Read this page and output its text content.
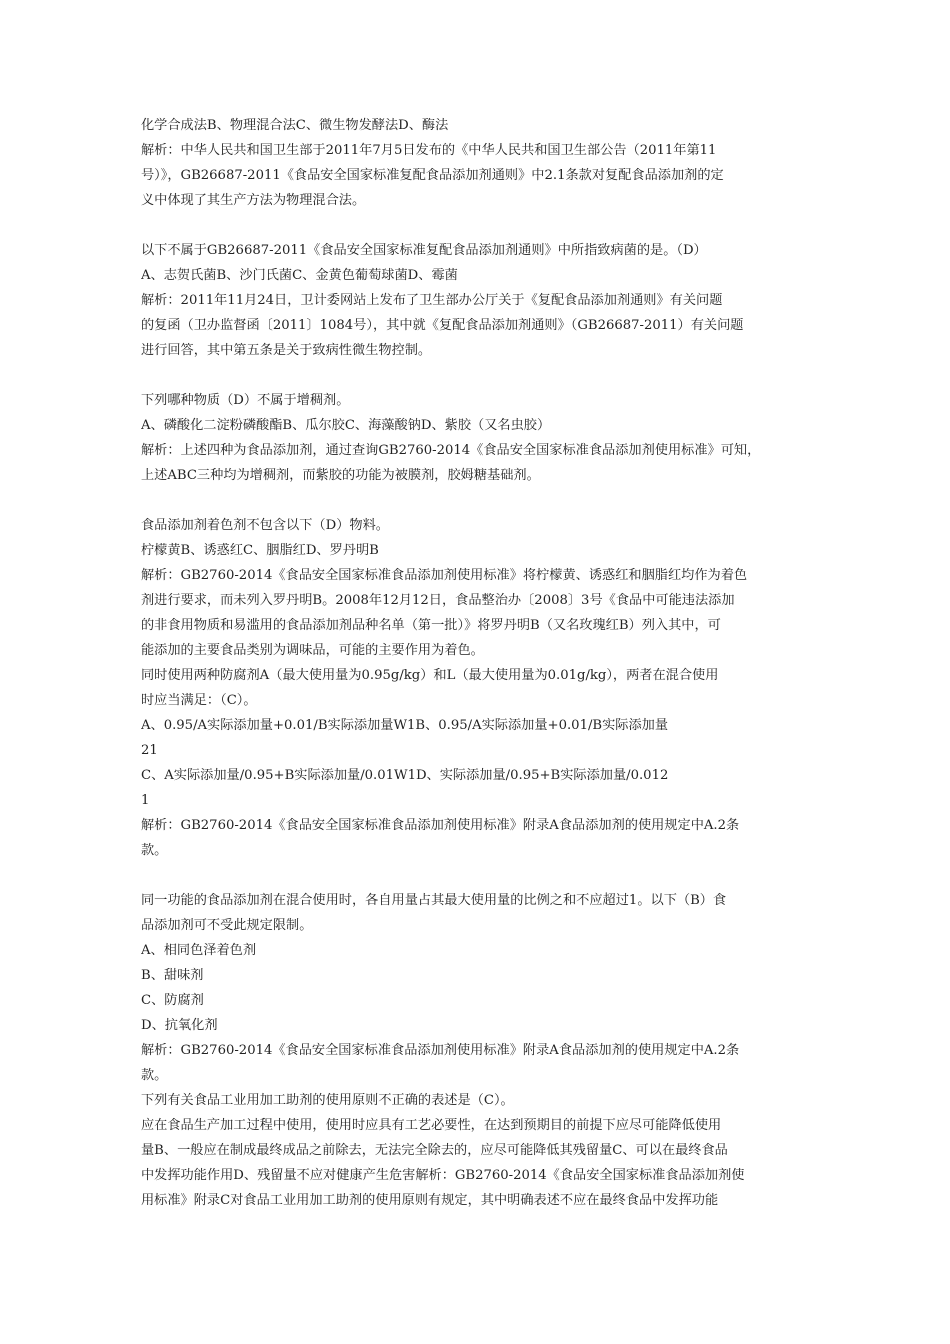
化学合成法B、物理混合法C、微生物发酵法D、酶法
解析：中华人民共和国卫生部于2011年7月5日发布的《中华人民共和国卫生部公告（2011年第11
号）》，GB26687-2011《食品安全国家标准复配食品添加剂通则》中2.1条款对复配食品添加剂的定
义中体现了其生产方法为物理混合法。
以下不属于GB26687-2011《食品安全国家标准复配食品添加剂通则》中所指致病菌的是。（D）
A、志贺氏菌B、沙门氏菌C、金黄色葡萄球菌D、霉菌
解析：2011年11月24日，卫计委网站上发布了卫生部办公厅关于《复配食品添加剂通则》有关问题
的复函（卫办监督函〔2011〕1084号），其中就《复配食品添加剂通则》（GB26687-2011）有关问题
进行回答，其中第五条是关于致病性微生物控制。
下列哪种物质（D）不属于增稠剂。
A、磷酸化二淀粉磷酸酯B、瓜尔胶C、海藻酸钠D、紫胶（又名虫胶）
解析：上述四种为食品添加剂，通过查询GB2760-2014《食品安全国家标准食品添加剂使用标准》可知，
上述ABC三种均为增稠剂，而紫胶的功能为被膜剂，胶姆糖基础剂。
食品添加剂着色剂不包含以下（D）物料。
柠檬黄B、诱惑红C、胭脂红D、罗丹明B
解析：GB2760-2014《食品安全国家标准食品添加剂使用标准》将柠檬黄、诱惑红和胭脂红均作为着色
剂进行要求，而未列入罗丹明B。2008年12月12日，食品整治办〔2008〕3号《食品中可能违法添加
的非食用物质和易滥用的食品添加剂品种名单（第一批）》将罗丹明B（又名玫瑰红B）列入其中，可
能添加的主要食品类别为调味品，可能的主要作用为着色。
同时使用两种防腐剂A（最大使用量为0.95g/kg）和L（最大使用量为0.01g/kg），两者在混合使用
时应当满足：（C）。
A、0.95/A实际添加量+0.01/B实际添加量W1B、0.95/A实际添加量+0.01/B实际添加量
21
C、A实际添加量/0.95+B实际添加量/0.01W1D、实际添加量/0.95+B实际添加量/0.012
1
解析：GB2760-2014《食品安全国家标准食品添加剂使用标准》附录A食品添加剂的使用规定中A.2条
款。
同一功能的食品添加剂在混合使用时，各自用量占其最大使用量的比例之和不应超过1。以下（B）食
品添加剂可不受此规定限制。
A、相同色泽着色剂
B、甜味剂
C、防腐剂
D、抗氧化剂
解析：GB2760-2014《食品安全国家标准食品添加剂使用标准》附录A食品添加剂的使用规定中A.2条
款。
下列有关食品工业用加工助剂的使用原则不正确的表述是（C）。
应在食品生产加工过程中使用，使用时应具有工艺必要性，在达到预期目的前提下应尽可能降低使用
量B、一般应在制成最终成品之前除去，无法完全除去的，应尽可能降低其残留量C、可以在最终食品
中发挥功能作用D、残留量不应对健康产生危害解析：GB2760-2014《食品安全国家标准食品添加剂使
用标准》附录C对食品工业用加工助剂的使用原则有规定，其中明确表述不应在最终食品中发挥功能
